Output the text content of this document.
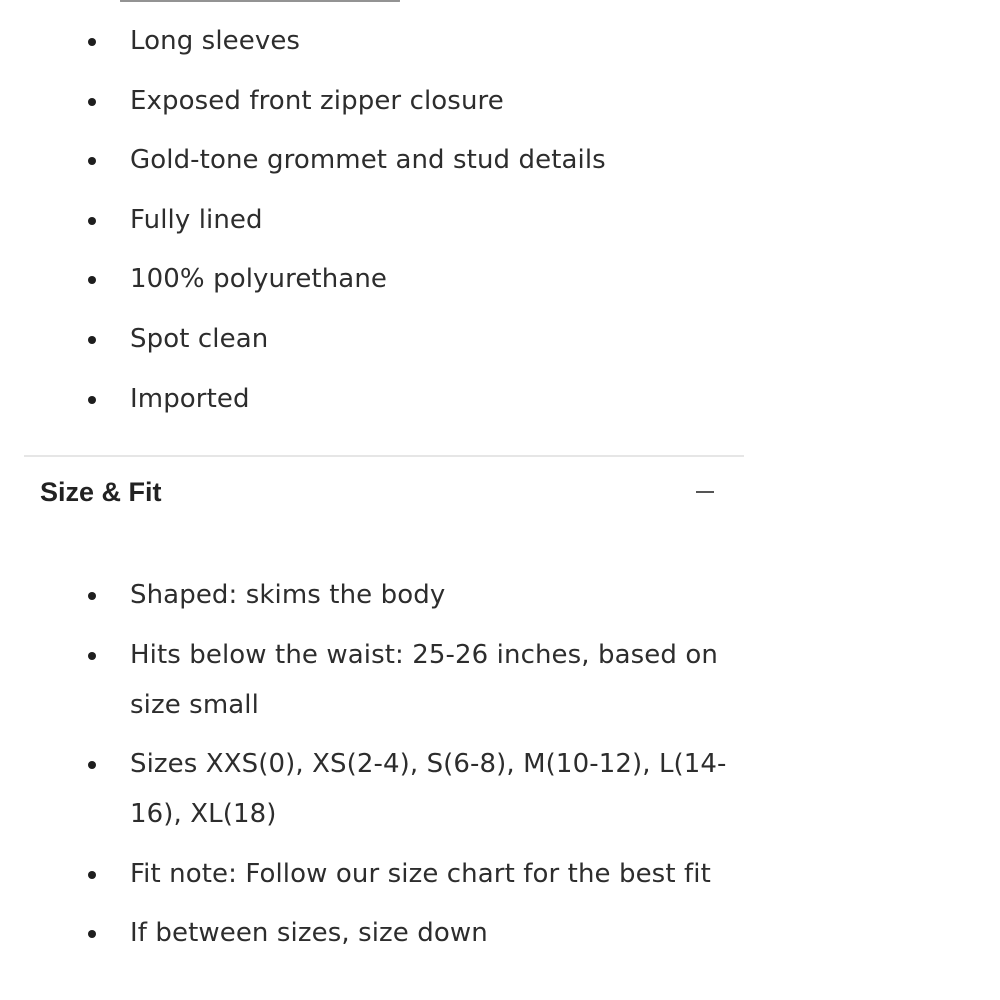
Long sleeves
Exposed front zipper closure
Gold-tone grommet and stud details
Fully lined
100% polyurethane
Spot clean
Imported
Size & Fit
Shaped: skims the body
Hits below the waist: 25-26 inches, based on size small
Sizes XXS(0), XS(2-4), S(6-8), M(10-12), L(14-16), XL(18)
Fit note: Follow our size chart for the best fit
If between sizes, size down
